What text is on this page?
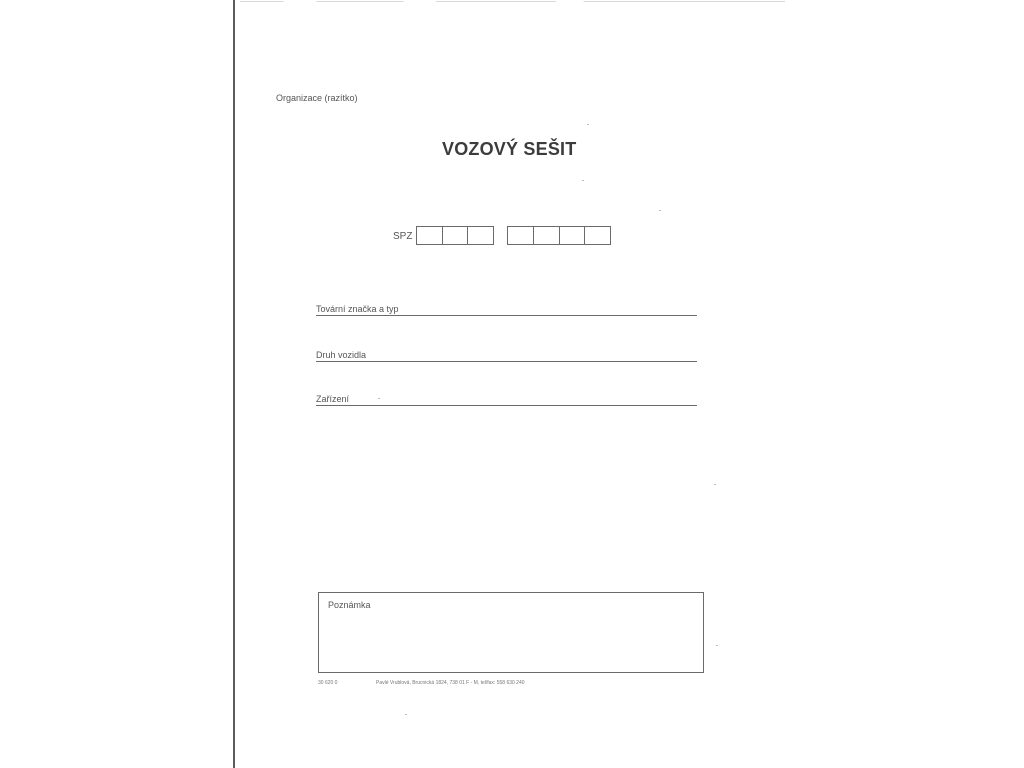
Organizace (razítko)
VOZOVÝ SEŠIT
SPZ
Tovární značka a typ
Druh vozidla
Zařízení
Poznámka
30 620 0	Pavlé Vrublová, Brucnická 1824, 738 01 F - M, tel/fax: 558 630 240
